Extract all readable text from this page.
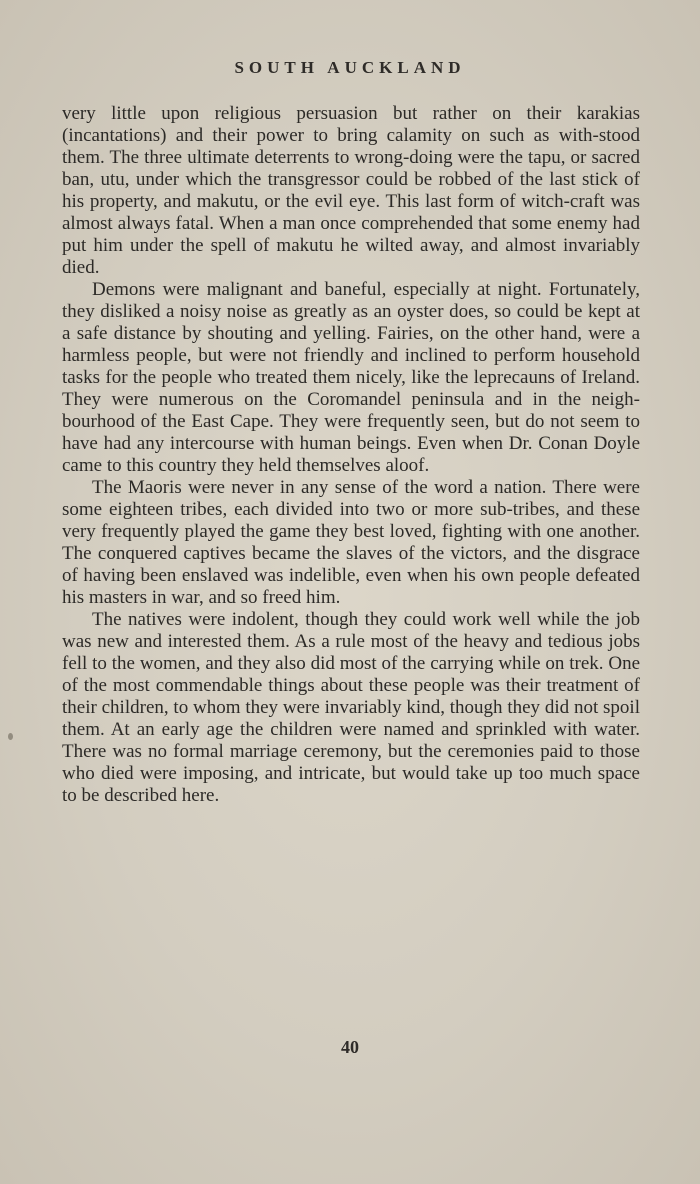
SOUTH AUCKLAND

very little upon religious persuasion but rather on their karakias (incantations) and their power to bring calamity on such as with-stood them. The three ultimate deterrents to wrong-doing were the tapu, or sacred ban, utu, under which the transgressor could be robbed of the last stick of his property, and makutu, or the evil eye. This last form of witch-craft was almost always fatal. When a man once comprehended that some enemy had put him under the spell of makutu he wilted away, and almost invariably died.

Demons were malignant and baneful, especially at night. Fortunately, they disliked a noisy noise as greatly as an oyster does, so could be kept at a safe distance by shouting and yelling. Fairies, on the other hand, were a harmless people, but were not friendly and inclined to perform household tasks for the people who treated them nicely, like the leprecauns of Ireland. They were numerous on the Coromandel peninsula and in the neigh-bourhood of the East Cape. They were frequently seen, but do not seem to have had any intercourse with human beings. Even when Dr. Conan Doyle came to this country they held themselves aloof.

The Maoris were never in any sense of the word a nation. There were some eighteen tribes, each divided into two or more sub-tribes, and these very frequently played the game they best loved, fighting with one another. The conquered captives became the slaves of the victors, and the disgrace of having been enslaved was indelible, even when his own people defeated his masters in war, and so freed him.

The natives were indolent, though they could work well while the job was new and interested them. As a rule most of the heavy and tedious jobs fell to the women, and they also did most of the carrying while on trek. One of the most commendable things about these people was their treatment of their children, to whom they were invariably kind, though they did not spoil them. At an early age the children were named and sprinkled with water. There was no formal marriage ceremony, but the ceremonies paid to those who died were imposing, and intricate, but would take up too much space to be described here.

40
